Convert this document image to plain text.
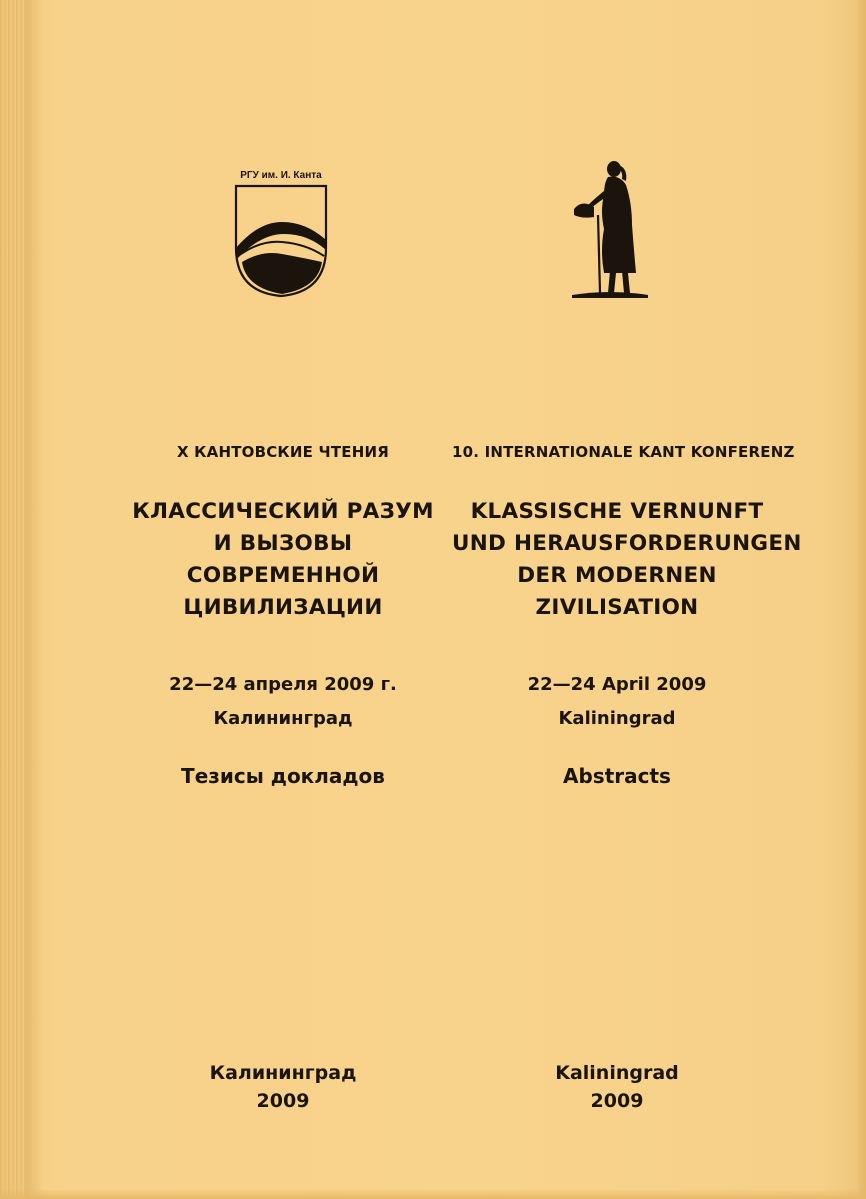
РГУ им. И. Канта
X КАНТОВСКИЕ ЧТЕНИЯ
КЛАССИЧЕСКИЙ РАЗУМ
И ВЫЗОВЫ
СОВРЕМЕННОЙ
ЦИВИЛИЗАЦИИ
22—24 апреля 2009 г.
Калининград
Тезисы докладов
Калининград
2009
10. INTERNATIONALE KANT KONFERENZ
KLASSISCHE VERNUNFT
UND HERAUSFORDERUNGEN
DER MODERNEN
ZIVILISATION
22—24 April 2009
Kaliningrad
Abstracts
Kaliningrad
2009
